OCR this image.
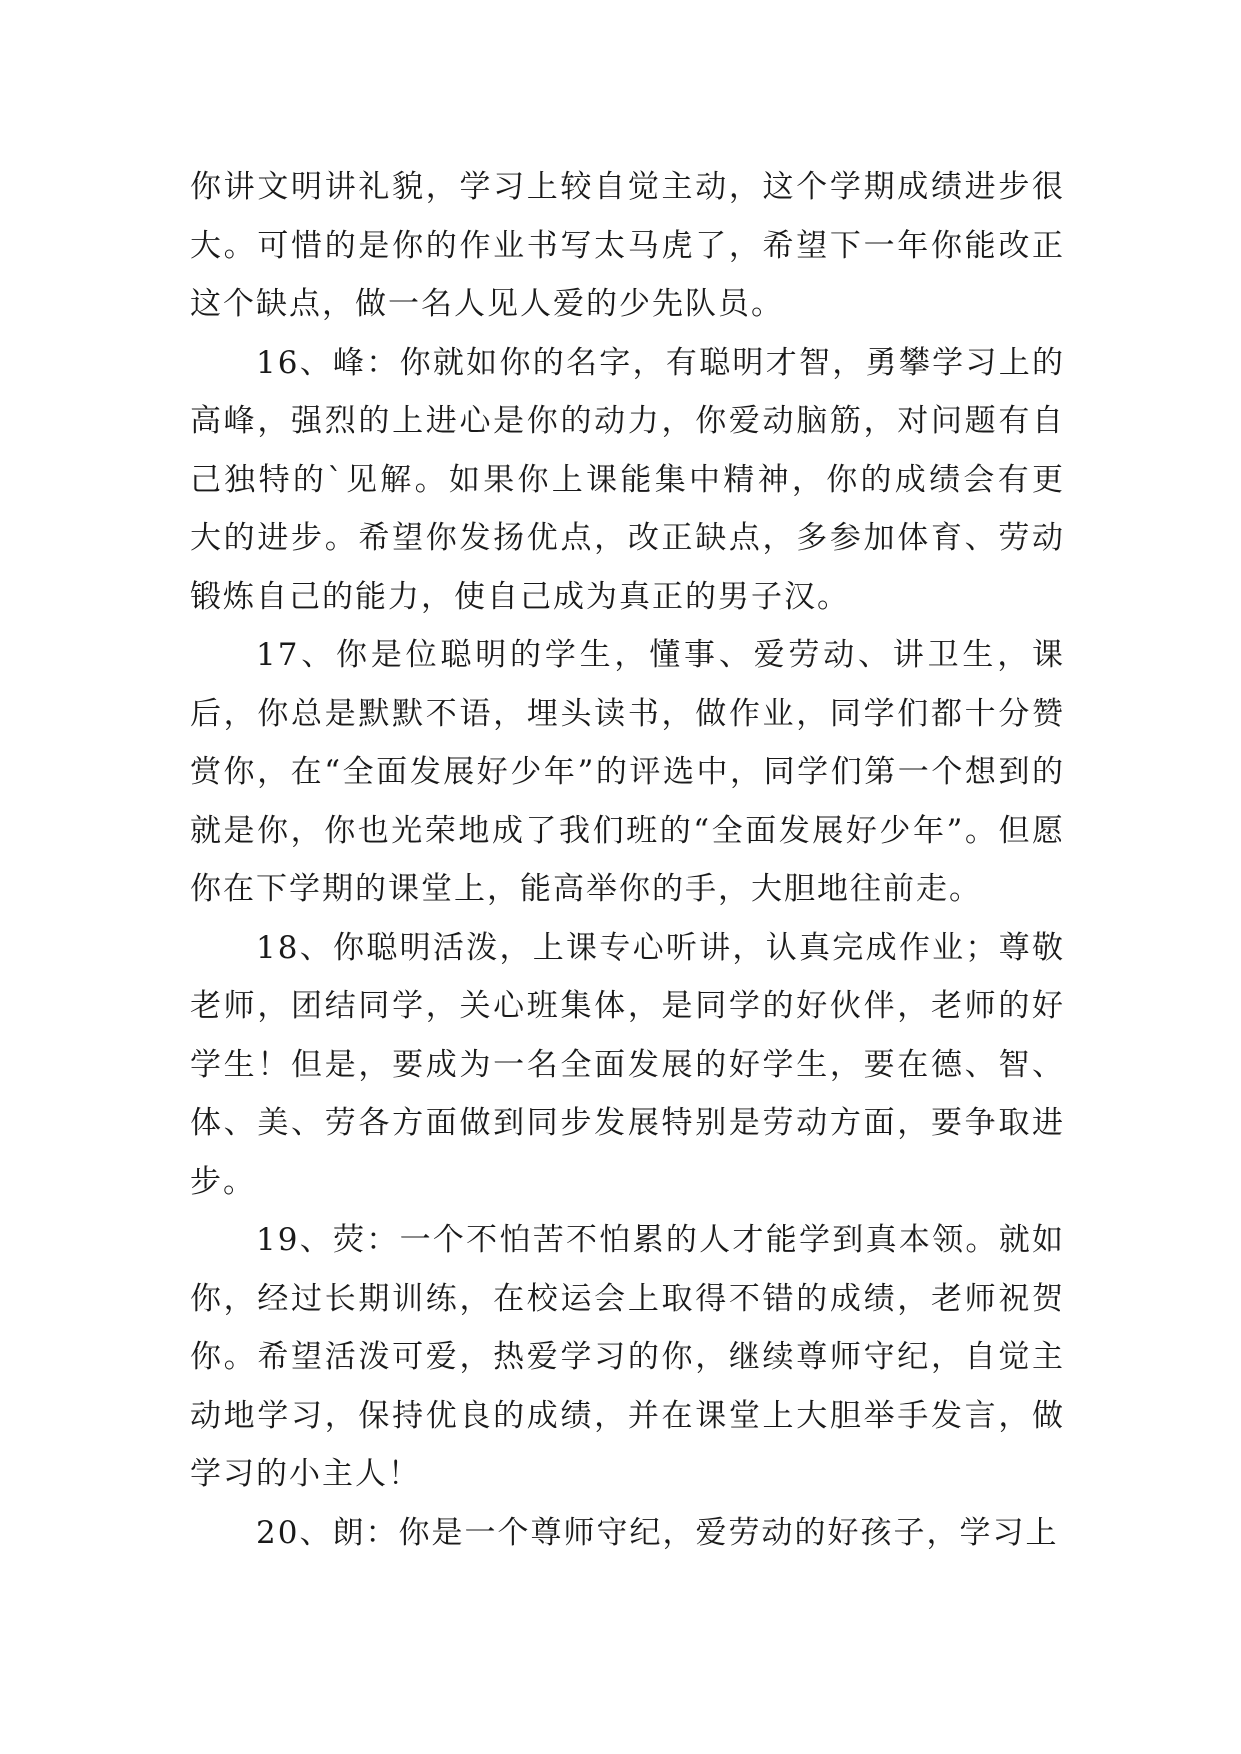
你讲文明讲礼貌，学习上较自觉主动，这个学期成绩进步很大。可惜的是你的作业书写太马虎了，希望下一年你能改正这个缺点，做一名人见人爱的少先队员。

16、峰：你就如你的名字，有聪明才智，勇攀学习上的高峰，强烈的上进心是你的动力，你爱动脑筋，对问题有自己独特的`见解。如果你上课能集中精神，你的成绩会有更大的进步。希望你发扬优点，改正缺点，多参加体育、劳动锻炼自己的能力，使自己成为真正的男子汉。

17、你是位聪明的学生，懂事、爱劳动、讲卫生，课后，你总是默默不语，埋头读书，做作业，同学们都十分赞赏你，在“全面发展好少年”的评选中，同学们第一个想到的就是你，你也光荣地成了我们班的“全面发展好少年”。但愿你在下学期的课堂上，能高举你的手，大胆地往前走。

18、你聪明活泼，上课专心听讲，认真完成作业；尊敬老师，团结同学，关心班集体，是同学的好伙伴，老师的好学生！但是，要成为一名全面发展的好学生，要在德、智、体、美、劳各方面做到同步发展特别是劳动方面，要争取进步。

19、荧：一个不怕苦不怕累的人才能学到真本领。就如你，经过长期训练，在校运会上取得不错的成绩，老师祝贺你。希望活泼可爱，热爱学习的你，继续尊师守纪，自觉主动地学习，保持优良的成绩，并在课堂上大胆举手发言，做学习的小主人！

20、朗：你是一个尊师守纪，爱劳动的好孩子，学习上
